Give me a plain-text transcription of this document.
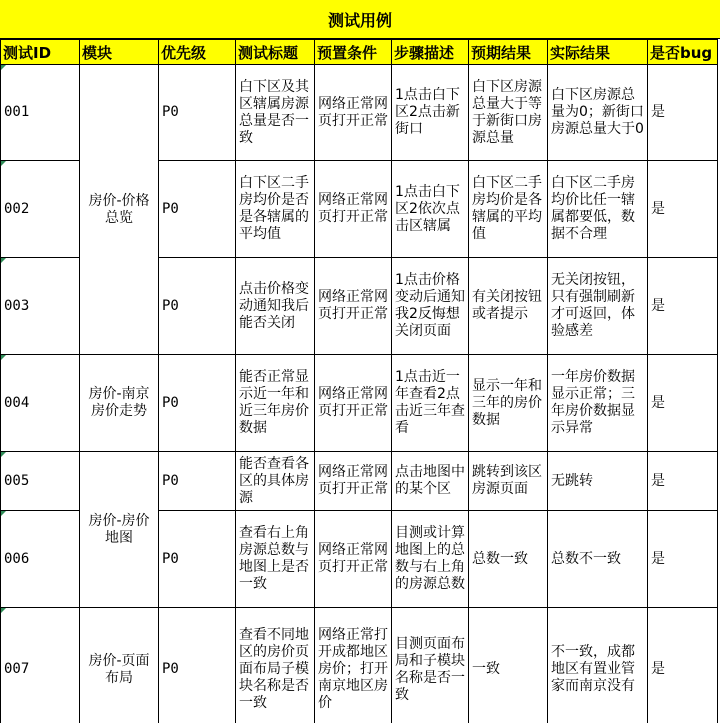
测试用例
测试ID	模块	优先级	测试标题	预置条件	步骤描述	预期结果	实际结果	是否bug

001	房价-价格总览	P0	白下区及其区辖属房源总量是否一致	网络正常网页打开正常	1点击白下区2点击新街口	白下区房源总量大于等于新街口房源总量	白下区房源总量为0；新街口房源总量大于0	是

002		P0	白下区二手房均价是否是各辖属的平均值	网络正常网页打开正常	1点击白下区2依次点击区辖属	白下区二手房均价是各辖属的平均值	白下区二手房均价比任一辖属都要低，数据不合理	是

003		P0	点击价格变动通知我后能否关闭	网络正常网页打开正常	1点击价格变动后通知我2反悔想关闭页面	有关闭按钮或者提示	无关闭按钮，只有强制刷新才可返回，体验感差	是

004	房价-南京房价走势	P0	能否正常显示近一年和近三年房价数据	网络正常网页打开正常	1点击近一年查看2点击近三年查看	显示一年和三年的房价数据	一年房价数据显示正常；三年房价数据显示异常	是

005	房价-房价地图	P0	能否查看各区的具体房源	网络正常网页打开正常	点击地图中的某个区	跳转到该区房源页面	无跳转	是

006		P0	查看右上角房源总数与地图上是否一致	网络正常网页打开正常	目测或计算地图上的总数与右上角的房源总数	总数一致	总数不一致	是

007	房价-页面布局	P0	查看不同地区的房价页面布局子模块名称是否一致	网络正常打开成都地区房价；打开南京地区房价	目测页面布局和子模块名称是否一致	一致	不一致，成都地区有置业管家而南京没有	是
